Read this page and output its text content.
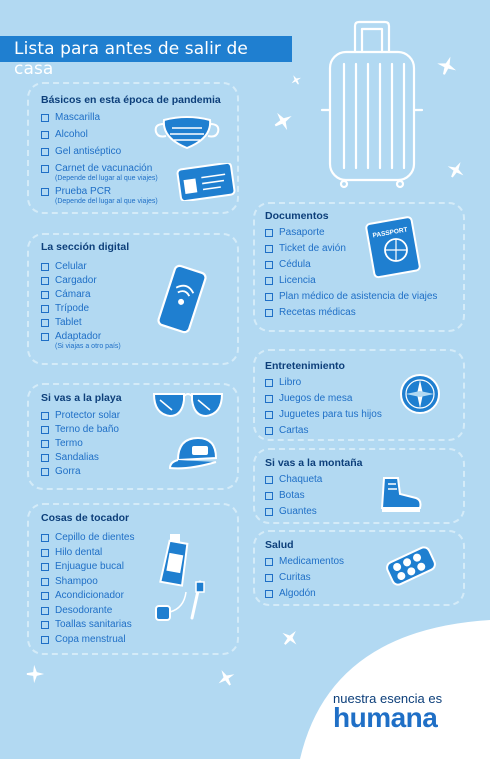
Lista para antes de salir de casa
Básicos en esta época de pandemia
La sección digital
Si vas a la playa
Cosas de tocador
Documentos
Entretenimiento
Si vas a la montaña
Salud
Mascarilla
Alcohol
Gel antiséptico
Carnet de vacunación
(Depende del lugar al que viajes)
Prueba PCR
(Depende del lugar al que viajes)
Celular
Cargador
Cámara
Trípode
Tablet
Adaptador
(Si viajas a otro país)
Protector solar
Terno de baño
Termo
Sandalias
Gorra
Cepillo de dientes
Hilo dental
Enjuague bucal
Shampoo
Acondicionador
Desodorante
Toallas sanitarias
Copa menstrual
Pasaporte
Ticket de avión
Cédula
Licencia
Plan médico de asistencia de viajes
Recetas médicas
Libro
Juegos de mesa
Juguetes para tus hijos
Cartas
Chaqueta
Botas
Guantes
Medicamentos
Curitas
Algodón
PASSPORT
nuestra esencia es
humana
